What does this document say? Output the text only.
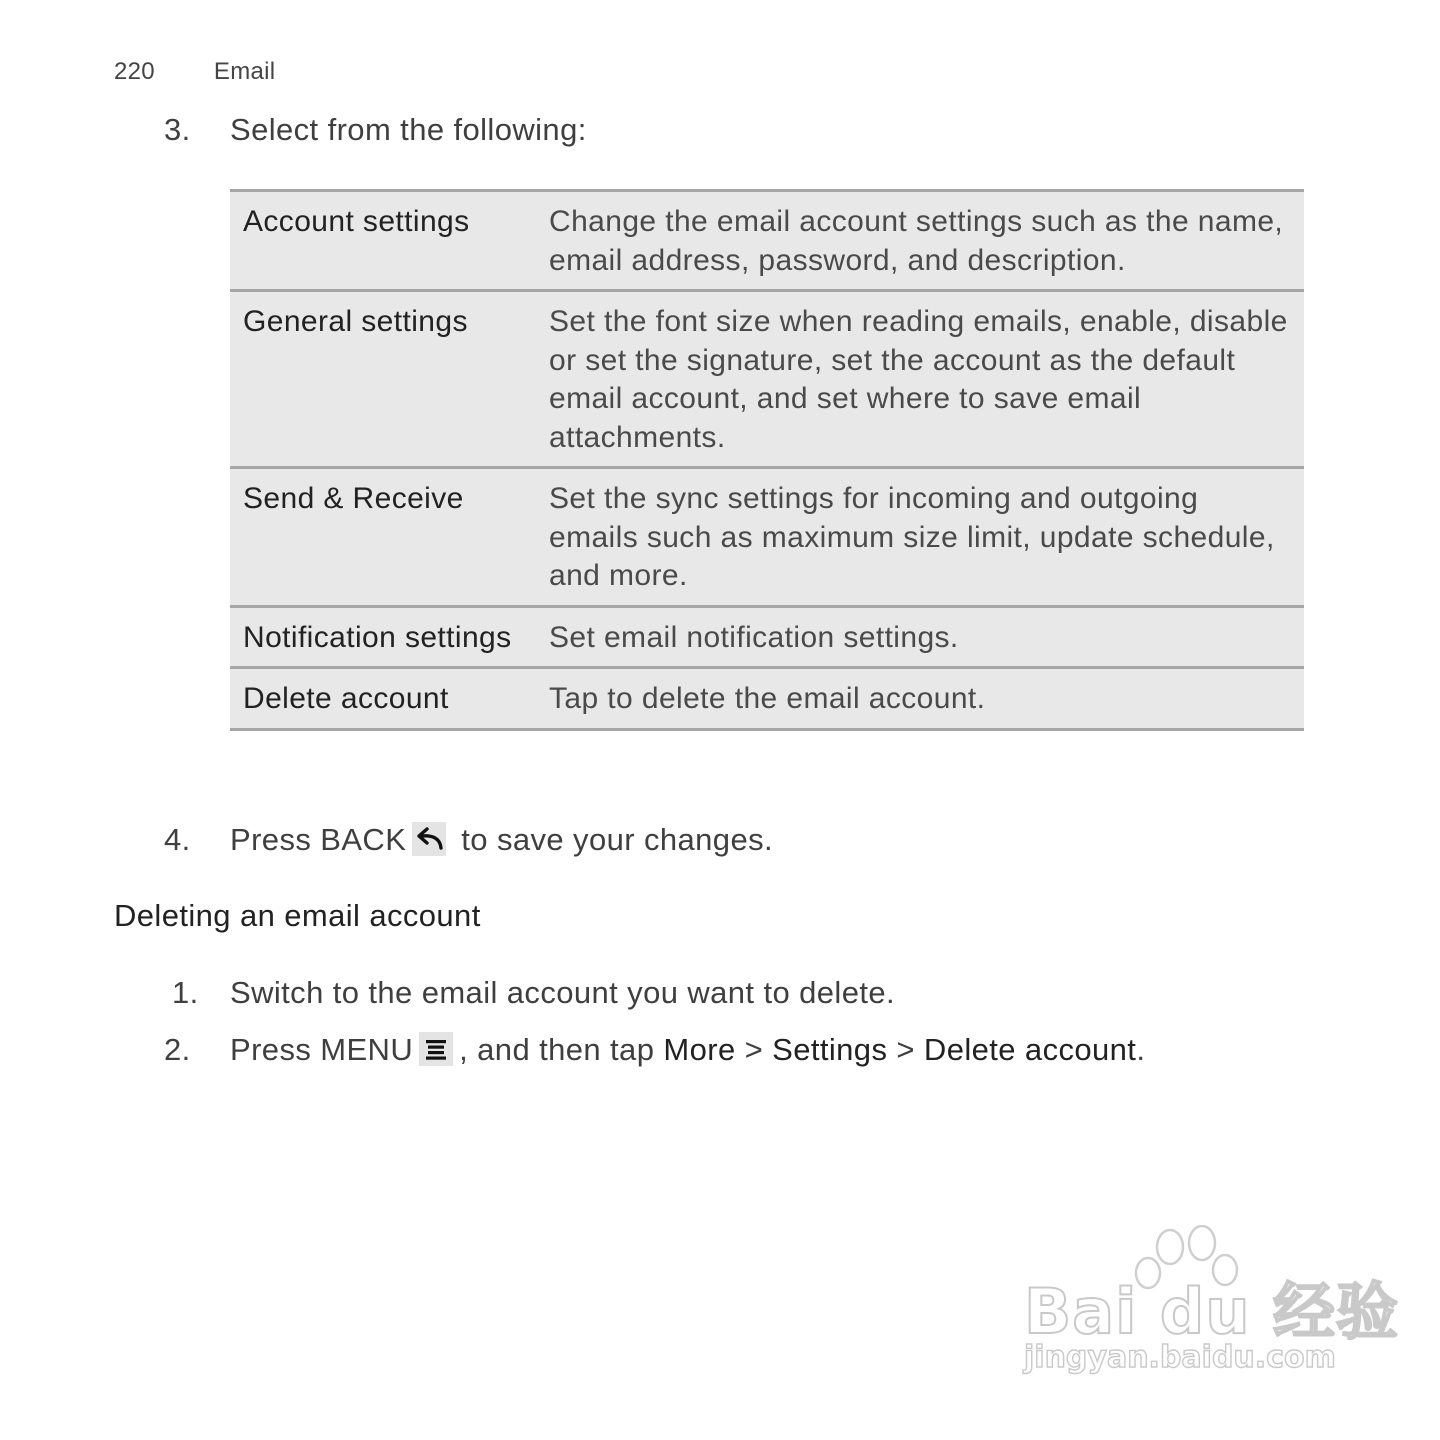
220 Email
3.	Select from the following:
Account settings	Change the email account settings such as the name, email address, password, and description.
General settings	Set the font size when reading emails, enable, disable or set the signature, set the account as the default email account, and set where to save email attachments.
Send & Receive	Set the sync settings for incoming and outgoing emails such as maximum size limit, update schedule, and more.
Notification settings	Set email notification settings.
Delete account	Tap to delete the email account.
4.	Press BACK to save your changes.
Deleting an email account
1.	Switch to the email account you want to delete.
2.	Press MENU , and then tap More > Settings > Delete account.
Bai du 经验
jingyan.baidu.com
